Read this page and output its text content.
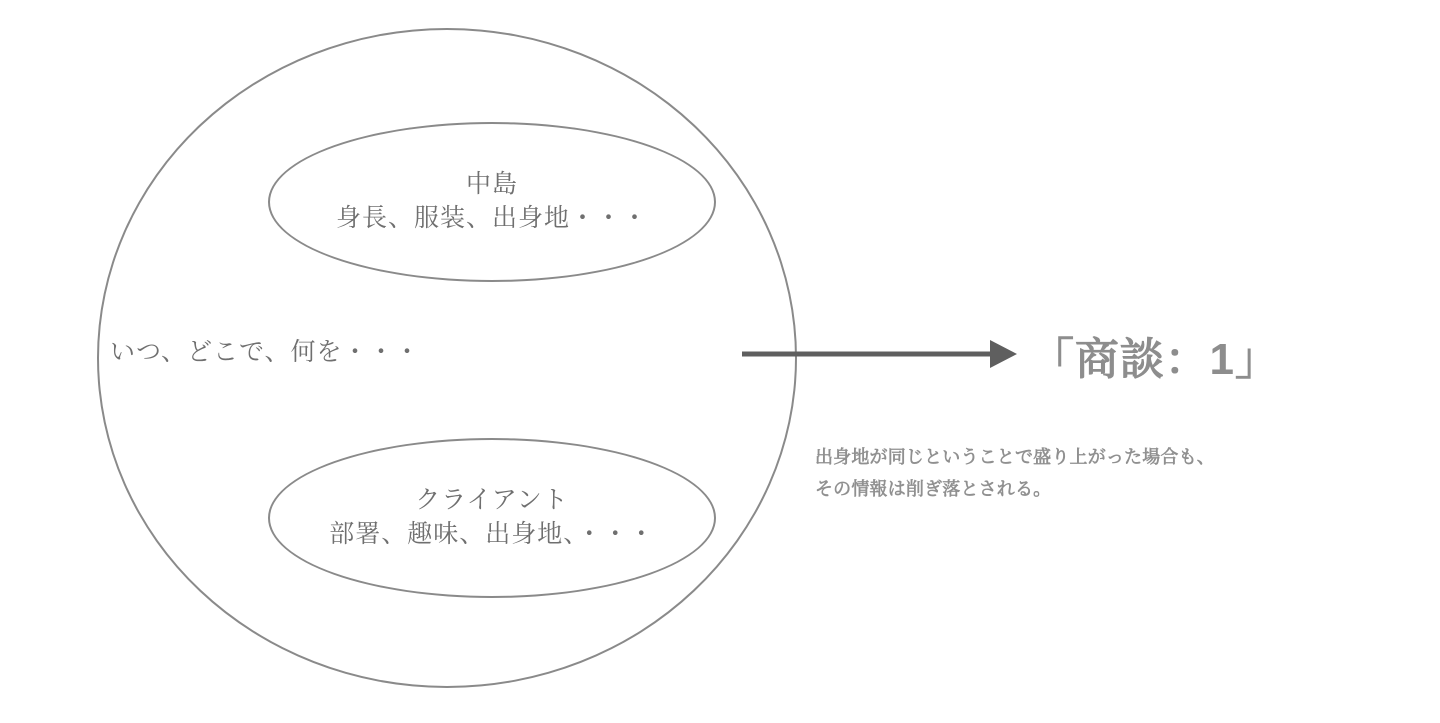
中島
身長、服装、出身地・・・
クライアント
部署、趣味、出身地、・・・
いつ、どこで、何を・・・	「商談：1」
出身地が同じということで盛り上がった場合も、
その情報は削ぎ落とされる。
